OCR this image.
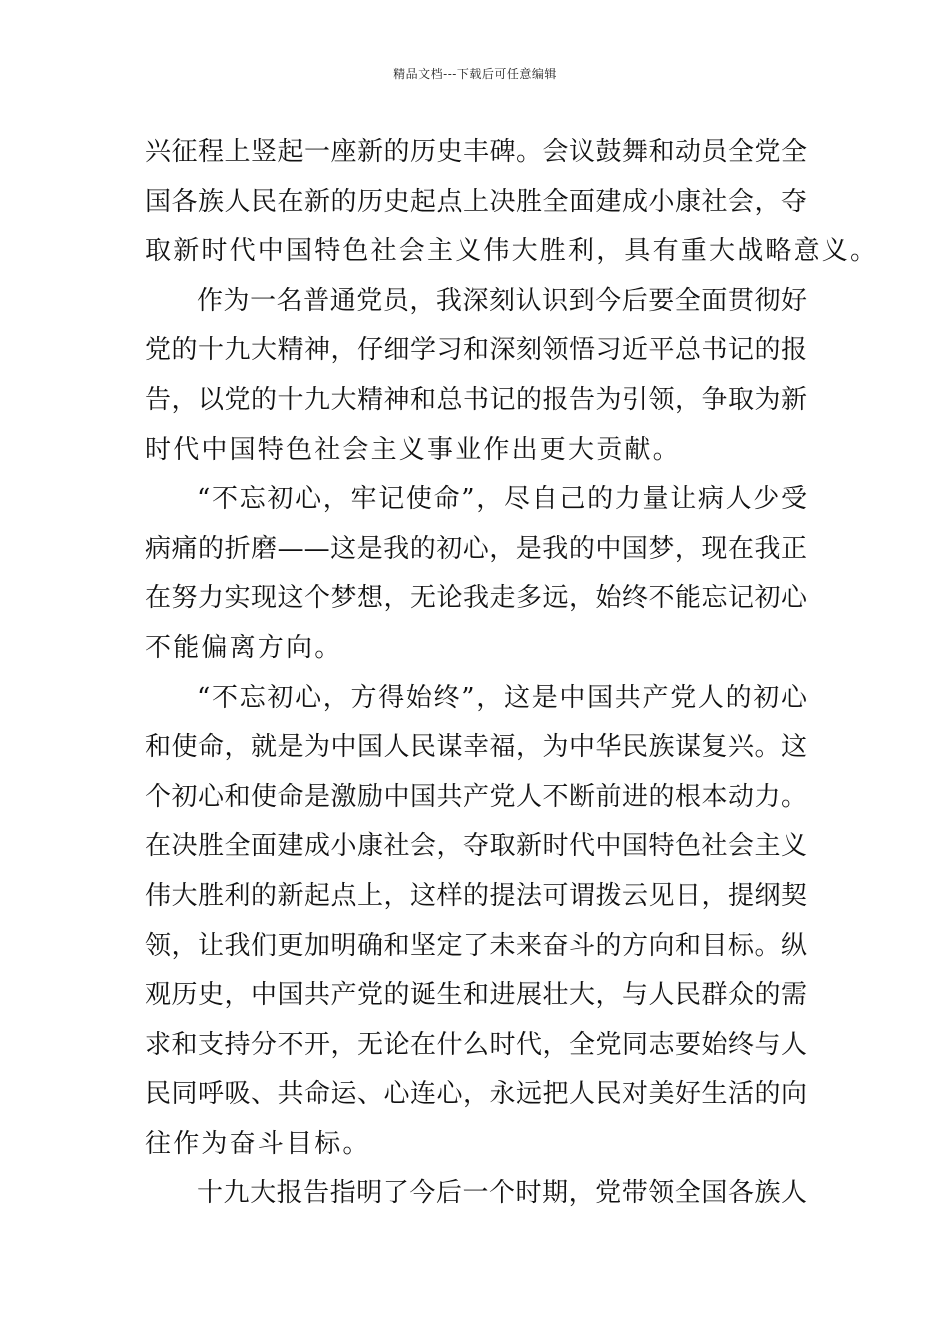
精品文档---下载后可任意编辑
兴征程上竖起一座新的历史丰碑。会议鼓舞和动员全党全
国各族人民在新的历史起点上决胜全面建成小康社会，夺
取新时代中国特色社会主义伟大胜利，具有重大战略意义。
作为一名普通党员，我深刻认识到今后要全面贯彻好
党的十九大精神，仔细学习和深刻领悟习近平总书记的报
告，以党的十九大精神和总书记的报告为引领，争取为新
时代中国特色社会主义事业作出更大贡献。
“不忘初心，牢记使命”，尽自己的力量让病人少受
病痛的折磨——这是我的初心，是我的中国梦，现在我正
在努力实现这个梦想，无论我走多远，始终不能忘记初心
不能偏离方向。
“不忘初心，方得始终”，这是中国共产党人的初心
和使命，就是为中国人民谋幸福，为中华民族谋复兴。这
个初心和使命是激励中国共产党人不断前进的根本动力。
在决胜全面建成小康社会，夺取新时代中国特色社会主义
伟大胜利的新起点上，这样的提法可谓拨云见日，提纲契
领，让我们更加明确和坚定了未来奋斗的方向和目标。纵
观历史，中国共产党的诞生和进展壮大，与人民群众的需
求和支持分不开，无论在什么时代，全党同志要始终与人
民同呼吸、共命运、心连心，永远把人民对美好生活的向
往作为奋斗目标。
十九大报告指明了今后一个时期，党带领全国各族人
